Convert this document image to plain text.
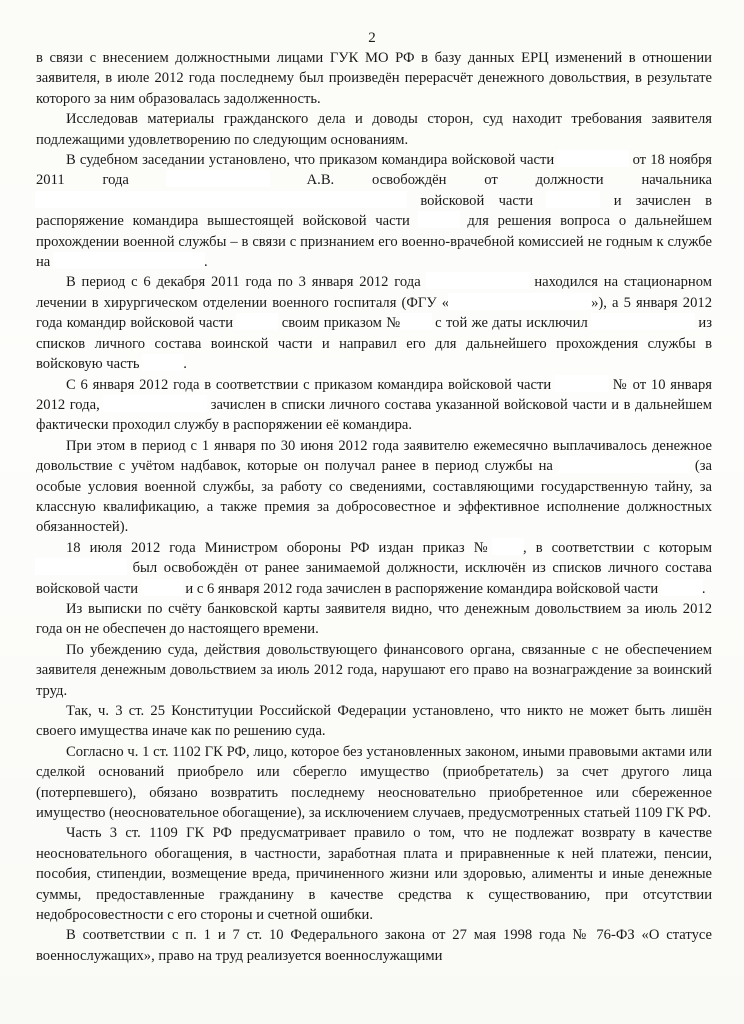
2

в связи с внесением должностными лицами ГУК МО РФ в базу данных ЕРЦ изменений в отношении заявителя, в июле 2012 года последнему был произведён перерасчёт денежного довольствия, в результате которого за ним образовалась задолженность.

Исследовав материалы гражданского дела и доводы сторон, суд находит требования заявителя подлежащими удовлетворению по следующим основаниям.

В судебном заседании установлено, что приказом командира войсковой части	от 18 ноября 2011 года	А.В. освобождён от должности начальника  войсковой части	и зачислен в распоряжение командира вышестоящей войсковой части	для решения вопроса о дальнейшем прохождении военной службы – в связи с признанием его военно-врачебной комиссией не годным к службе на	.

В период с 6 декабря 2011 года по 3 января 2012 года	находился на стационарном лечении в хирургическом отделении военного госпиталя (ФГУ «	»), а 5 января 2012 года командир войсковой части	своим приказом № с той же даты исключил	из списков личного состава воинской части и направил его для дальнейшего прохождения службы в войсковую часть	.

С 6 января 2012 года в соответствии с приказом командира войсковой части	№ от 10 января 2012 года,	зачислен в списки личного состава указанной войсковой части и в дальнейшем фактически проходил службу в распоряжении её командира.

При этом в период с 1 января по 30 июня 2012 года заявителю ежемесячно выплачивалось денежное довольствие с учётом надбавок, которые он получал ранее в период службы на	(за особые условия военной службы, за работу со сведениями, составляющими государственную тайну, за классную квалификацию, а также премия за добросовестное и эффективное исполнение должностных обязанностей).

18 июля 2012 года Министром обороны РФ издан приказ № , в соответствии с которым  был освобождён от ранее занимаемой должности, исключён из списков личного состава войсковой части	и с 6 января 2012 года зачислен в распоряжение командира войсковой части	.

Из выписки по счёту банковской карты заявителя видно, что денежным довольствием за июль 2012 года он не обеспечен до настоящего времени.

По убеждению суда, действия довольствующего финансового органа, связанные с не обеспечением заявителя денежным довольствием за июль 2012 года, нарушают его право на вознаграждение за воинский труд.

Так, ч. 3 ст. 25 Конституции Российской Федерации установлено, что никто не может быть лишён своего имущества иначе как по решению суда.

Согласно ч. 1 ст. 1102 ГК РФ, лицо, которое без установленных законом, иными правовыми актами или сделкой оснований приобрело или сберегло имущество (приобретатель) за счет другого лица (потерпевшего), обязано возвратить последнему неосновательно приобретенное или сбереженное имущество (неосновательное обогащение), за исключением случаев, предусмотренных статьей 1109 ГК РФ.

Часть 3 ст. 1109 ГК РФ предусматривает правило о том, что не подлежат возврату в качестве неосновательного обогащения, в частности, заработная плата и приравненные к ней платежи, пенсии, пособия, стипендии, возмещение вреда, причиненного жизни или здоровью, алименты и иные денежные суммы, предоставленные гражданину в качестве средства к существованию, при отсутствии недобросовестности с его стороны и счетной ошибки.

В соответствии с п. 1 и 7 ст. 10 Федерального закона от 27 мая 1998 года № 76-ФЗ «О статусе военнослужащих», право на труд реализуется военнослужащими
